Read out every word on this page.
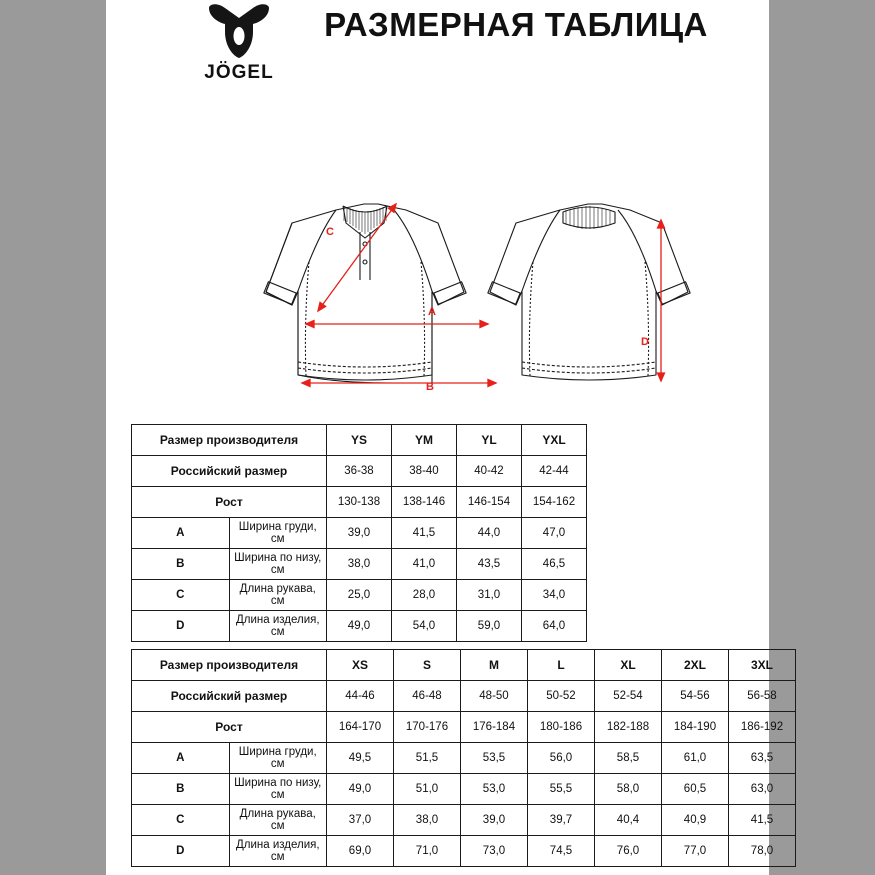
JÖGEL
РАЗМЕРНАЯ ТАБЛИЦА
A
B
C
D
Размер производителя		YS	YM	YL	YXL
Российский размер		36-38	38-40	40-42	42-44
Рост		130-138	138-146	146-154	154-162
A	Ширина груди, см	39,0	41,5	44,0	47,0
B	Ширина по низу, см	38,0	41,0	43,5	46,5
C	Длина рукава, см	25,0	28,0	31,0	34,0
D	Длина изделия, см	49,0	54,0	59,0	64,0
Размер производителя		XS	S	M	L	XL	2XL	3XL
Российский размер		44-46	46-48	48-50	50-52	52-54	54-56	56-58
Рост		164-170	170-176	176-184	180-186	182-188	184-190	186-192
A	Ширина груди, см	49,5	51,5	53,5	56,0	58,5	61,0	63,5
B	Ширина по низу, см	49,0	51,0	53,0	55,5	58,0	60,5	63,0
C	Длина рукава, см	37,0	38,0	39,0	39,7	40,4	40,9	41,5
D	Длина изделия, см	69,0	71,0	73,0	74,5	76,0	77,0	78,0
